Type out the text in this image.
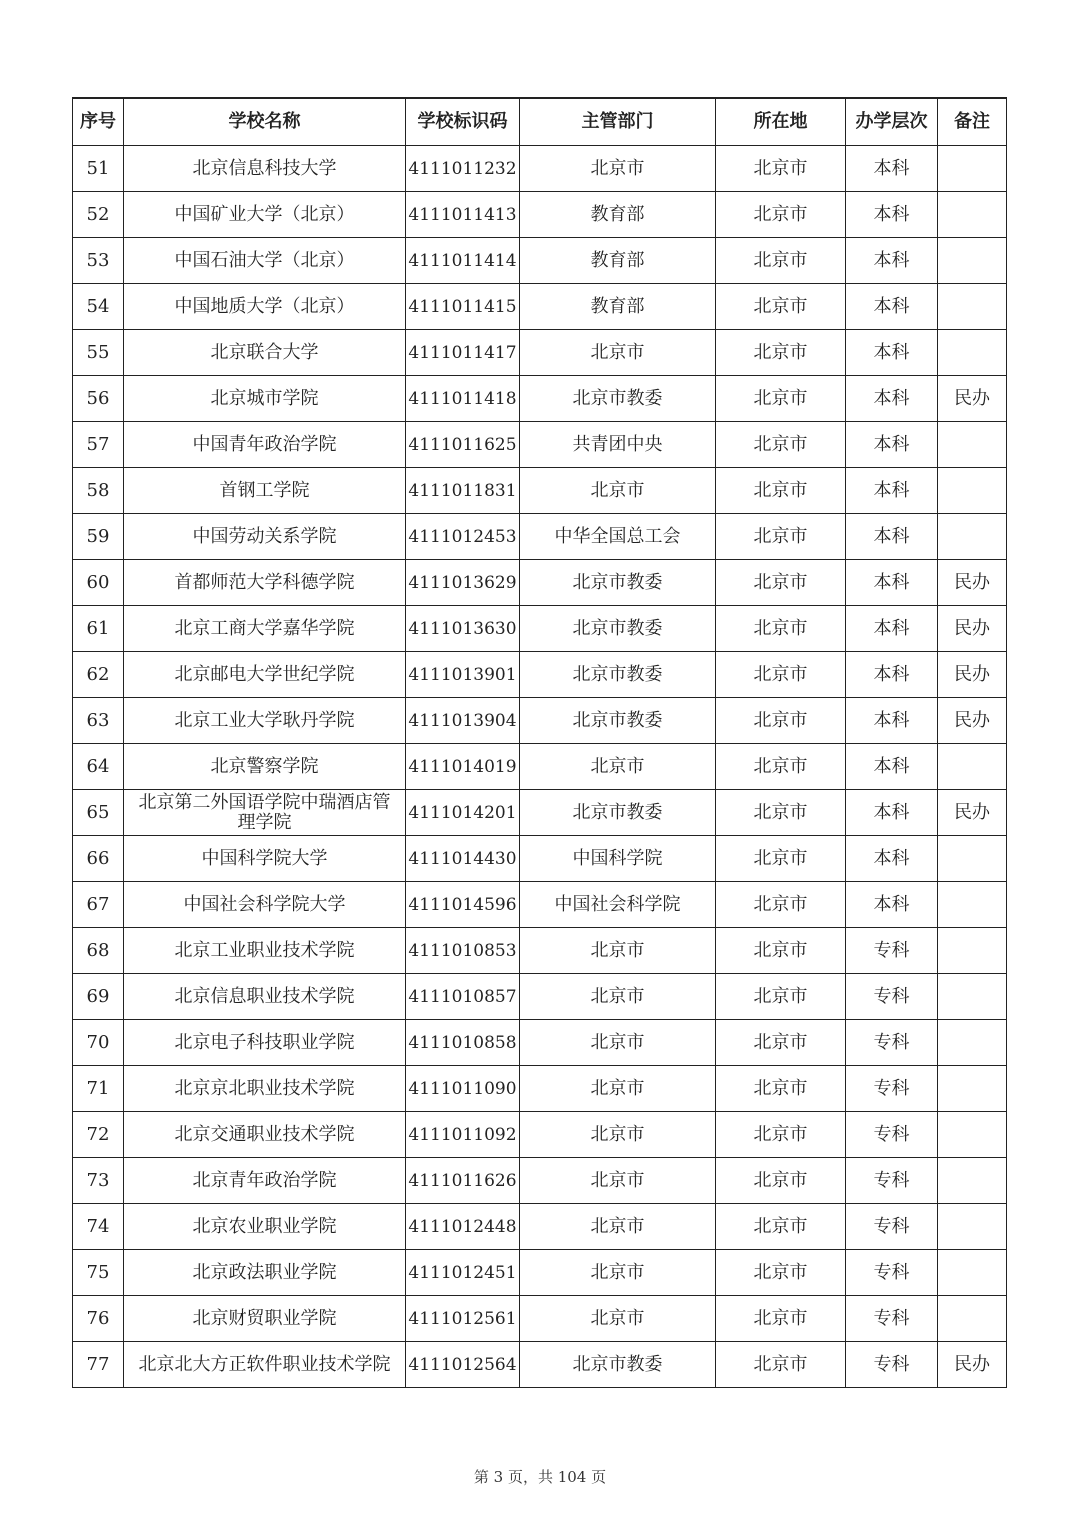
序号	学校名称	学校标识码	主管部门	所在地	办学层次	备注
51	北京信息科技大学	4111011232	北京市	北京市	本科	
52	中国矿业大学（北京）	4111011413	教育部	北京市	本科	
53	中国石油大学（北京）	4111011414	教育部	北京市	本科	
54	中国地质大学（北京）	4111011415	教育部	北京市	本科	
55	北京联合大学	4111011417	北京市	北京市	本科	
56	北京城市学院	4111011418	北京市教委	北京市	本科	民办
57	中国青年政治学院	4111011625	共青团中央	北京市	本科	
58	首钢工学院	4111011831	北京市	北京市	本科	
59	中国劳动关系学院	4111012453	中华全国总工会	北京市	本科	
60	首都师范大学科德学院	4111013629	北京市教委	北京市	本科	民办
61	北京工商大学嘉华学院	4111013630	北京市教委	北京市	本科	民办
62	北京邮电大学世纪学院	4111013901	北京市教委	北京市	本科	民办
63	北京工业大学耿丹学院	4111013904	北京市教委	北京市	本科	民办
64	北京警察学院	4111014019	北京市	北京市	本科	
65	北京第二外国语学院中瑞酒店管理学院	4111014201	北京市教委	北京市	本科	民办
66	中国科学院大学	4111014430	中国科学院	北京市	本科	
67	中国社会科学院大学	4111014596	中国社会科学院	北京市	本科	
68	北京工业职业技术学院	4111010853	北京市	北京市	专科	
69	北京信息职业技术学院	4111010857	北京市	北京市	专科	
70	北京电子科技职业学院	4111010858	北京市	北京市	专科	
71	北京京北职业技术学院	4111011090	北京市	北京市	专科	
72	北京交通职业技术学院	4111011092	北京市	北京市	专科	
73	北京青年政治学院	4111011626	北京市	北京市	专科	
74	北京农业职业学院	4111012448	北京市	北京市	专科	
75	北京政法职业学院	4111012451	北京市	北京市	专科	
76	北京财贸职业学院	4111012561	北京市	北京市	专科	
77	北京北大方正软件职业技术学院	4111012564	北京市教委	北京市	专科	民办
第 3 页，共 104 页
